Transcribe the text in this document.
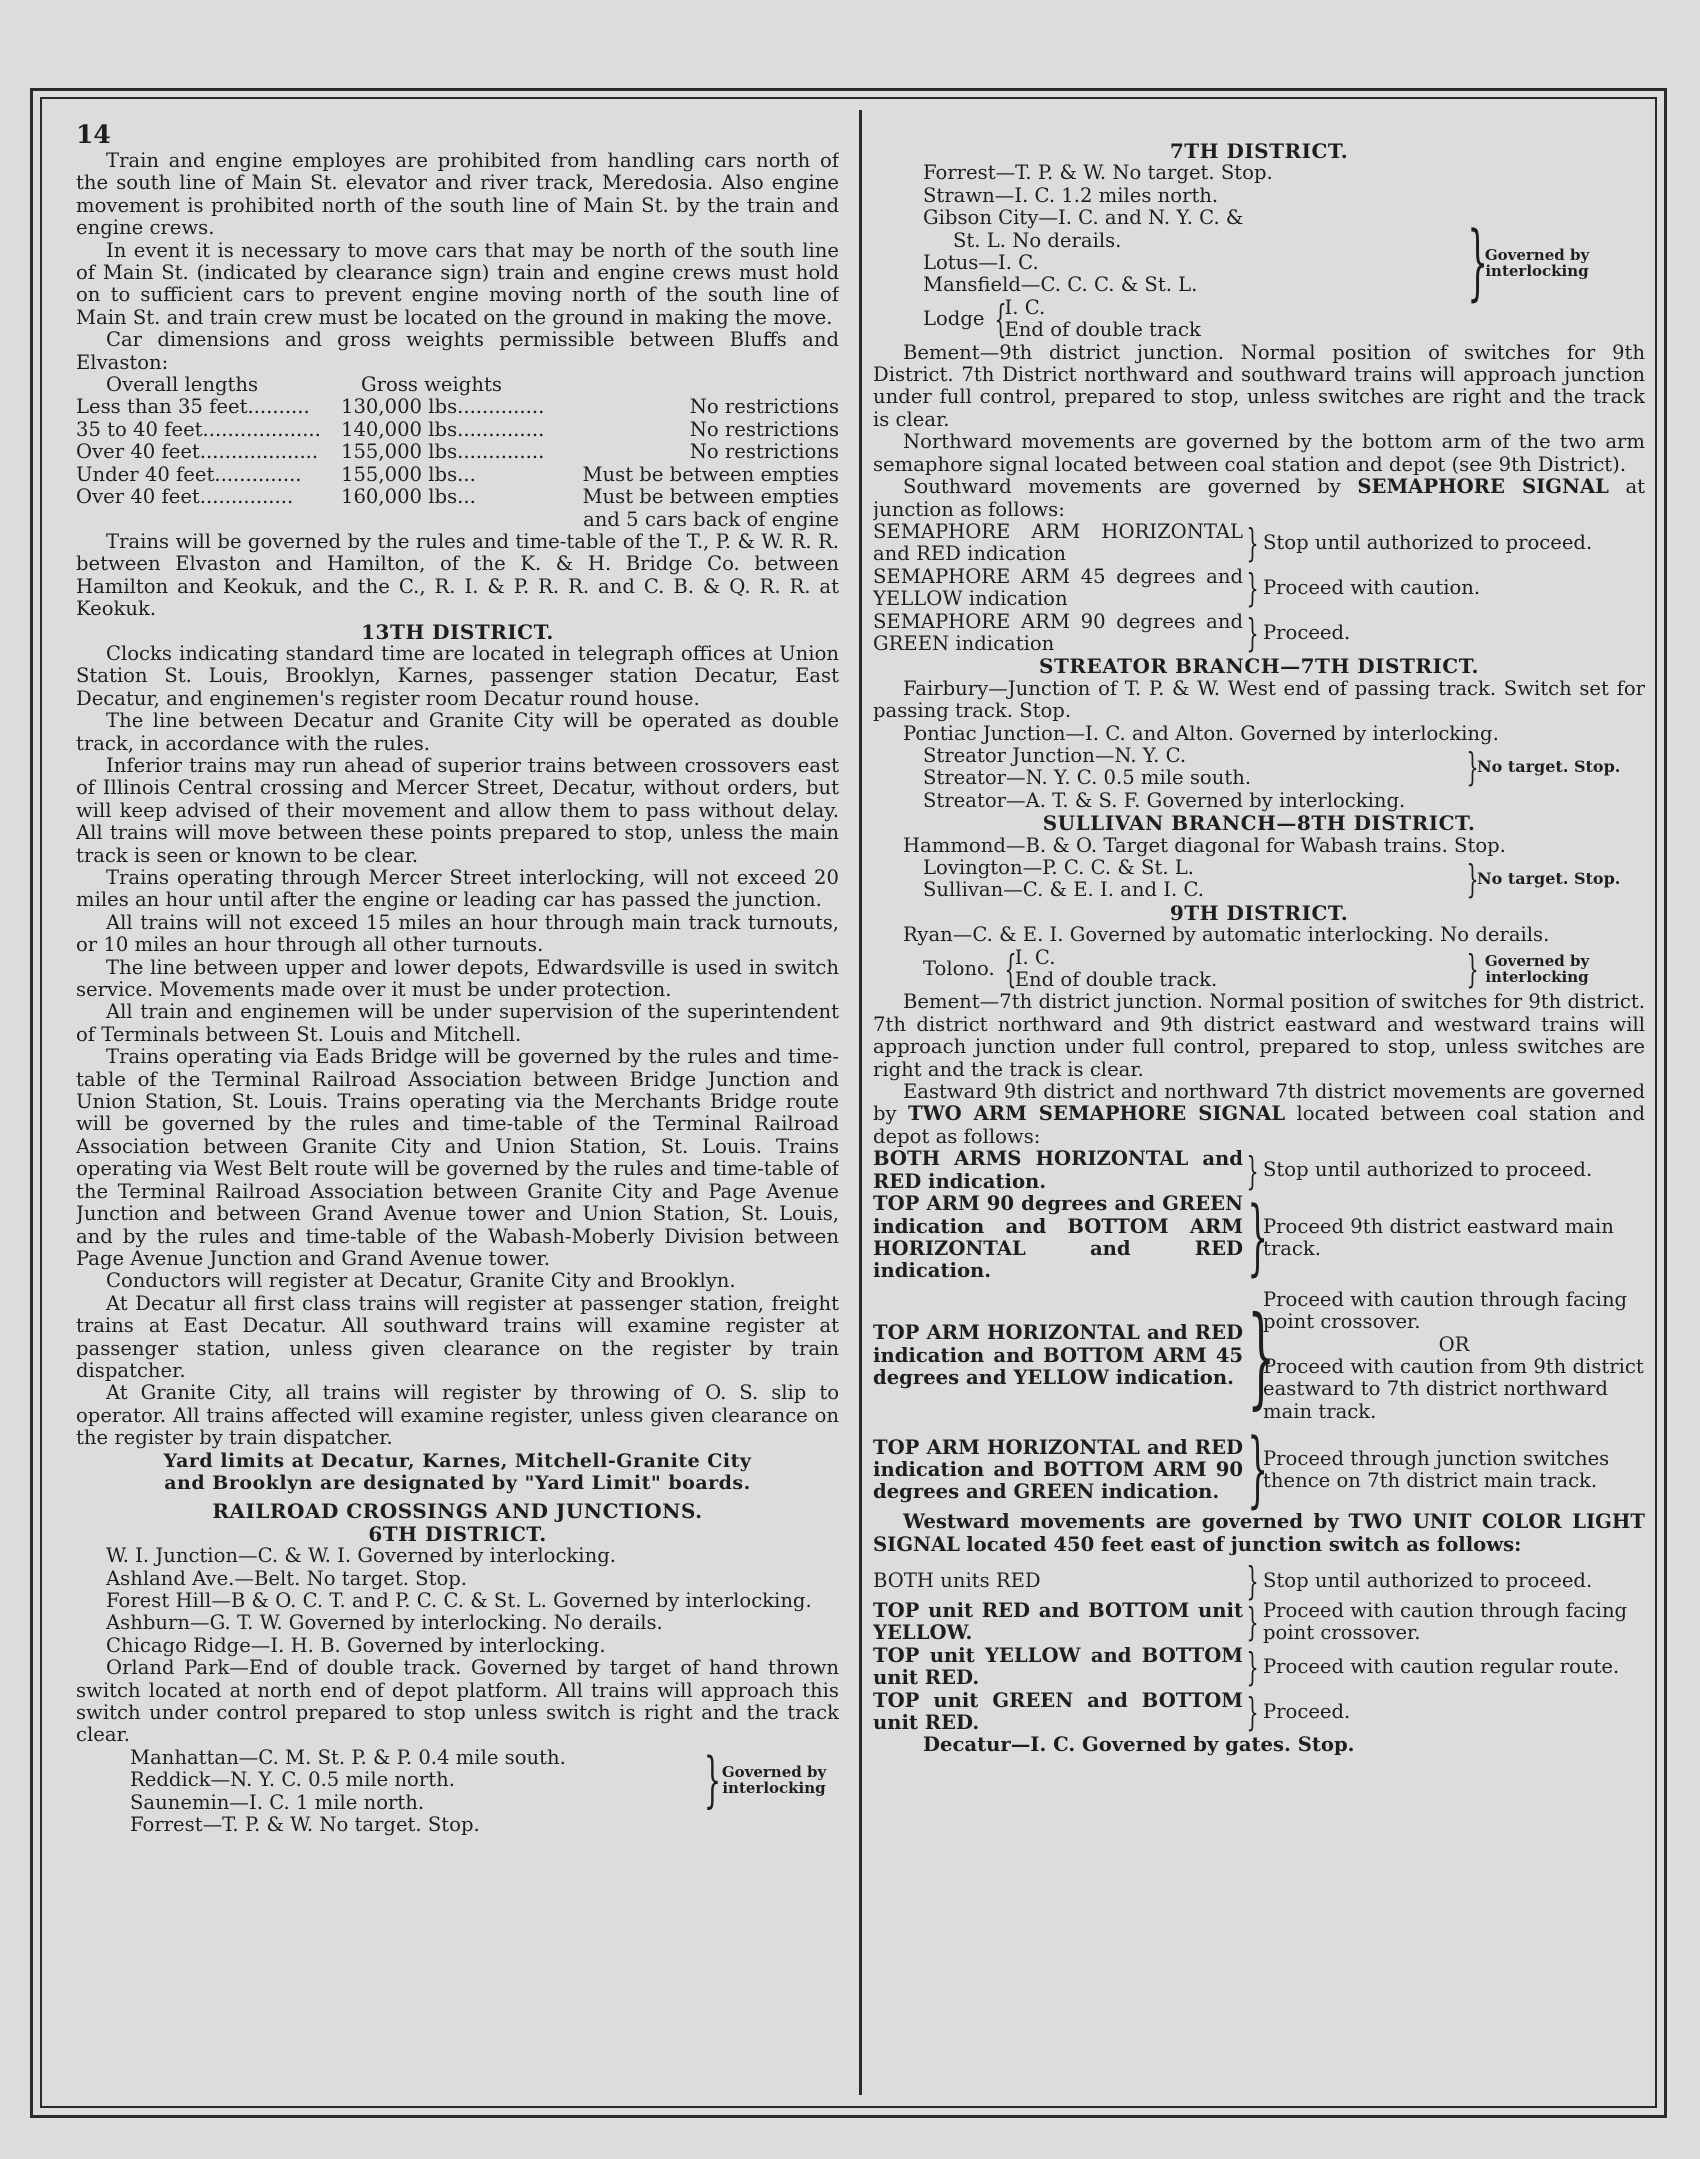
14

Train and engine employes are prohibited from handling cars north of the south line of Main St. elevator and river track, Meredosia. Also engine movement is prohibited north of the south line of Main St. by the train and engine crews.

In event it is necessary to move cars that may be north of the south line of Main St. (indicated by clearance sign) train and engine crews must hold on to sufficient cars to prevent engine moving north of the south line of Main St. and train crew must be located on the ground in making the move.

Car dimensions and gross weights permissible between Bluffs and Elvaston:

Overall lengths	Gross weights	
Less than 35 feet..........	130,000 lbs..............	No restrictions
35 to 40 feet...................	140,000 lbs..............	No restrictions
Over 40 feet...................	155,000 lbs..............	No restrictions
Under 40 feet..............	155,000 lbs...	Must be between empties
Over 40 feet...............	160,000 lbs...	Must be between empties
		and 5 cars back of engine

Trains will be governed by the rules and time-table of the T., P. & W. R. R. between Elvaston and Hamilton, of the K. & H. Bridge Co. between Hamilton and Keokuk, and the C., R. I. & P. R. R. and C. B. & Q. R. R. at Keokuk.

13TH DISTRICT.

Clocks indicating standard time are located in telegraph offices at Union Station St. Louis, Brooklyn, Karnes, passenger station Decatur, East Decatur, and enginemen's register room Decatur round house.

The line between Decatur and Granite City will be operated as double track, in accordance with the rules.

Inferior trains may run ahead of superior trains between crossovers east of Illinois Central crossing and Mercer Street, Decatur, without orders, but will keep advised of their movement and allow them to pass without delay. All trains will move between these points prepared to stop, unless the main track is seen or known to be clear.

Trains operating through Mercer Street interlocking, will not exceed 20 miles an hour until after the engine or leading car has passed the junction.

All trains will not exceed 15 miles an hour through main track turnouts, or 10 miles an hour through all other turnouts.

The line between upper and lower depots, Edwardsville is used in switch service. Movements made over it must be under protection.

All train and enginemen will be under supervision of the superintendent of Terminals between St. Louis and Mitchell.

Trains operating via Eads Bridge will be governed by the rules and time-table of the Terminal Railroad Association between Bridge Junction and Union Station, St. Louis. Trains operating via the Merchants Bridge route will be governed by the rules and time-table of the Terminal Railroad Association between Granite City and Union Station, St. Louis. Trains operating via West Belt route will be governed by the rules and time-table of the Terminal Railroad Association between Granite City and Page Avenue Junction and between Grand Avenue tower and Union Station, St. Louis, and by the rules and time-table of the Wabash-Moberly Division between Page Avenue Junction and Grand Avenue tower.

Conductors will register at Decatur, Granite City and Brooklyn.

At Decatur all first class trains will register at passenger station, freight trains at East Decatur. All southward trains will examine register at passenger station, unless given clearance on the register by train dispatcher.

At Granite City, all trains will register by throwing of O. S. slip to operator. All trains affected will examine register, unless given clearance on the register by train dispatcher.

Yard limits at Decatur, Karnes, Mitchell-Granite City
and Brooklyn are designated by "Yard Limit" boards.
RAILROAD CROSSINGS AND JUNCTIONS.
6TH DISTRICT.

W. I. Junction—C. & W. I. Governed by interlocking.

Ashland Ave.—Belt. No target. Stop.

Forest Hill—B & O. C. T. and P. C. C. & St. L. Governed by interlocking.

Ashburn—G. T. W. Governed by interlocking. No derails.

Chicago Ridge—I. H. B. Governed by interlocking.

Orland Park—End of double track. Governed by target of hand thrown switch located at north end of depot platform. All trains will approach this switch under control prepared to stop unless switch is right and the track clear.

Manhattan—C. M. St. P. & P. 0.4 mile south.
Reddick—N. Y. C. 0.5 mile north.
Saunemin—I. C. 1 mile north.	} Governed by interlocking
Forrest—T. P. & W. No target. Stop.
7TH DISTRICT.
Forrest—T. P. & W. No target. Stop.
Strawn—I. C. 1.2 miles north.
Gibson City—I. C. and N. Y. C. &
St. L. No derails.
Lotus—I. C.
Mansfield—C. C. C. & St. L.
Lodge {
I. C.
End of double track
}
Governed by interlocking

Bement—9th district junction. Normal position of switches for 9th District. 7th District northward and southward trains will approach junction under full control, prepared to stop, unless switches are right and the track is clear.

Northward movements are governed by the bottom arm of the two arm semaphore signal located between coal station and depot (see 9th District).

Southward movements are governed by SEMAPHORE SIGNAL at junction as follows:

SEMAPHORE ARM HORIZONTAL and RED indication	} Stop until authorized to proceed.
SEMAPHORE ARM 45 degrees and YELLOW indication	} Proceed with caution.
SEMAPHORE ARM 90 degrees and GREEN indication	} Proceed.
STREATOR BRANCH—7TH DISTRICT.

Fairbury—Junction of T. P. & W. West end of passing track. Switch set for passing track. Stop.

Pontiac Junction—I. C. and Alton. Governed by interlocking.

Streator Junction—N. Y. C.
Streator—N. Y. C. 0.5 mile south.	}
No target. Stop.
Streator—A. T. & S. F. Governed by interlocking.
SULLIVAN BRANCH—8TH DISTRICT.

Hammond—B. & O. Target diagonal for Wabash trains. Stop.

Lovington—P. C. C. & St. L.
Sullivan—C. & E. I. and I. C.	}
No target. Stop.
9TH DISTRICT.

Ryan—C. & E. I. Governed by automatic interlocking. No derails.

Tolono. {
I. C.
End of double track.	} Governed by interlocking

Bement—7th district junction. Normal position of switches for 9th district. 7th district northward and 9th district eastward and westward trains will approach junction under full control, prepared to stop, unless switches are right and the track is clear.

Eastward 9th district and northward 7th district movements are governed by TWO ARM SEMAPHORE SIGNAL located between coal station and depot as follows:

BOTH ARMS HORIZONTAL and RED indication.	} Stop until authorized to proceed.
TOP ARM 90 degrees and GREEN indication and BOTTOM ARM HORIZONTAL and RED indication.	}
Proceed 9th district eastward main track.
TOP ARM HORIZONTAL and RED indication and BOTTOM ARM 45 degrees and YELLOW indication. }
Proceed with caution through facing point crossover.
OR
Proceed with caution from 9th district eastward to 7th district northward main track.
TOP ARM HORIZONTAL and RED indication and BOTTOM ARM 90 degrees and GREEN indication. }
Proceed through junction switches thence on 7th district main track.

Westward movements are governed by TWO UNIT COLOR LIGHT SIGNAL located 450 feet east of junction switch as follows:

BOTH units RED	} Stop until authorized to proceed.
TOP unit RED and BOTTOM unit YELLOW.	} Proceed with caution through facing point crossover.
TOP unit YELLOW and BOTTOM unit RED.	} Proceed with caution regular route.
TOP unit GREEN and BOTTOM unit RED.	} Proceed.
Decatur—I. C. Governed by gates. Stop.
